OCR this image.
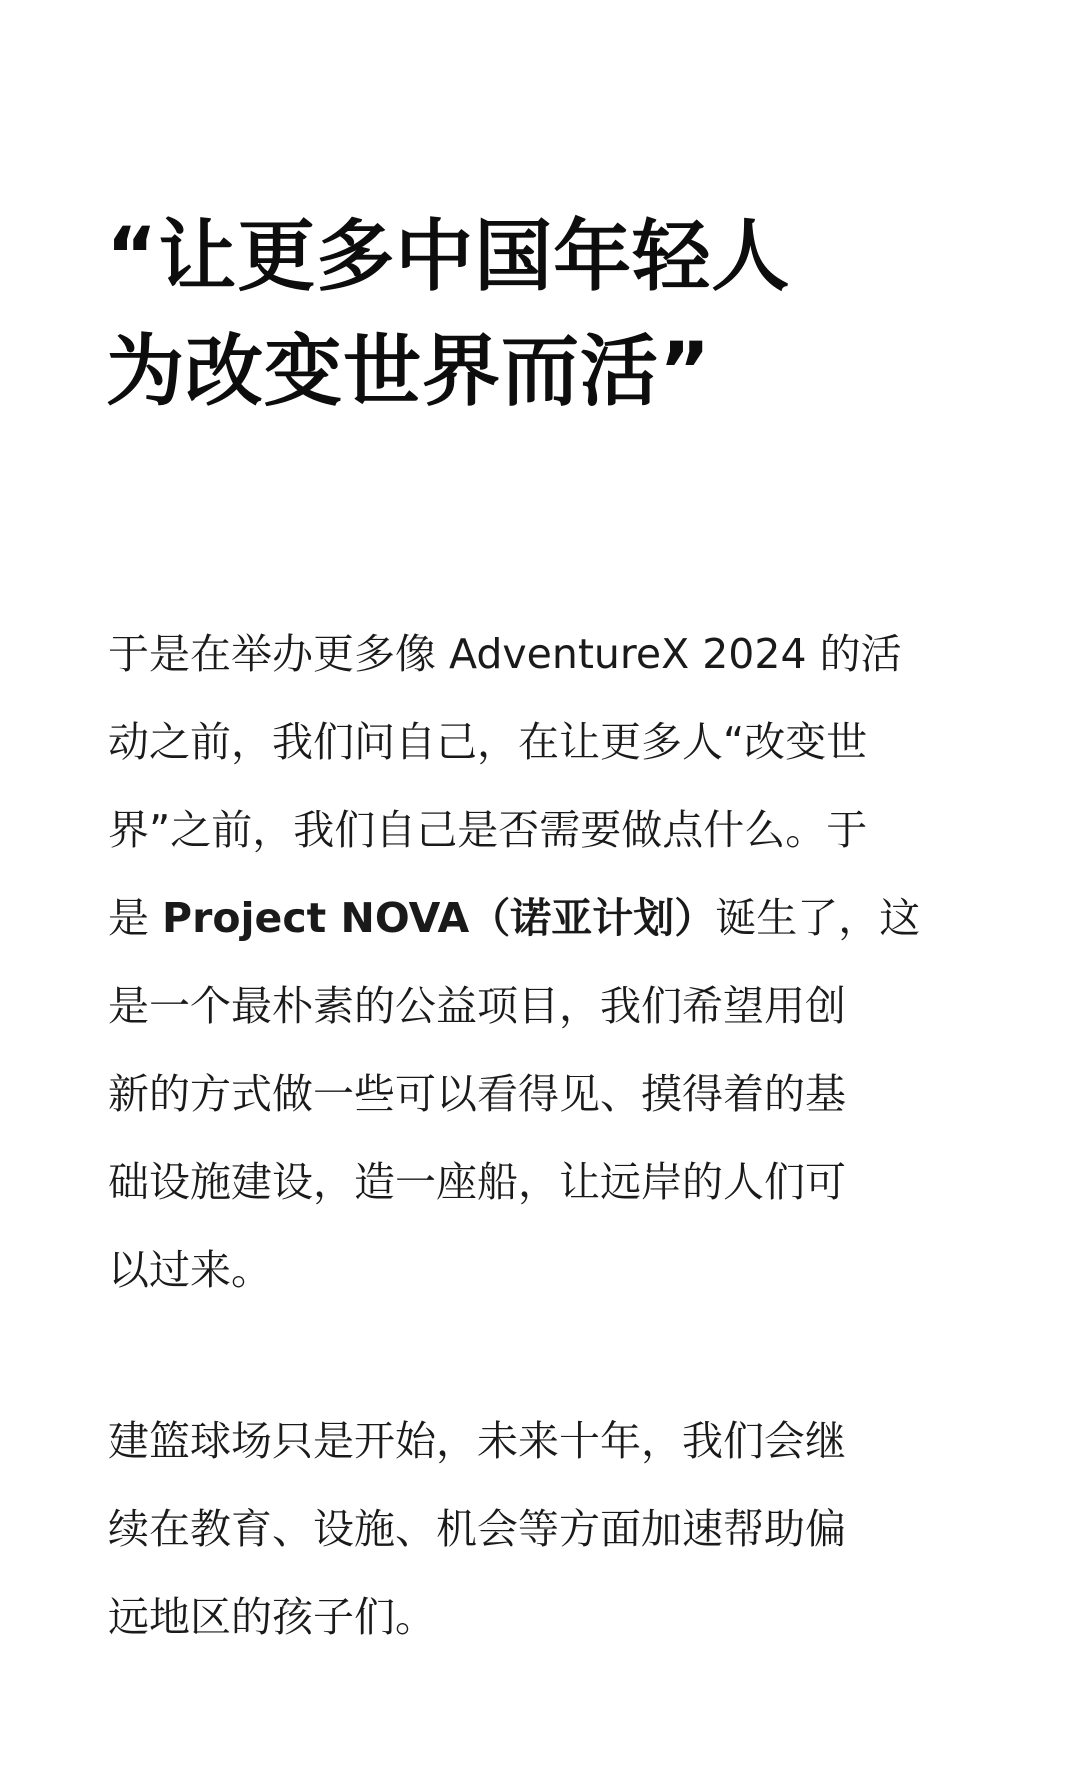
“让更多中国年轻人
为改变世界而活”

于是在举办更多像 AdventureX 2024 的活
动之前，我们问自己，在让更多人“改变世
界”之前，我们自己是否需要做点什么。于
是 Project NOVA（诺亚计划）诞生了，这
是一个最朴素的公益项目，我们希望用创
新的方式做一些可以看得见、摸得着的基
础设施建设，造一座船，让远岸的人们可
以过来。

建篮球场只是开始，未来十年，我们会继
续在教育、设施、机会等方面加速帮助偏
远地区的孩子们。
